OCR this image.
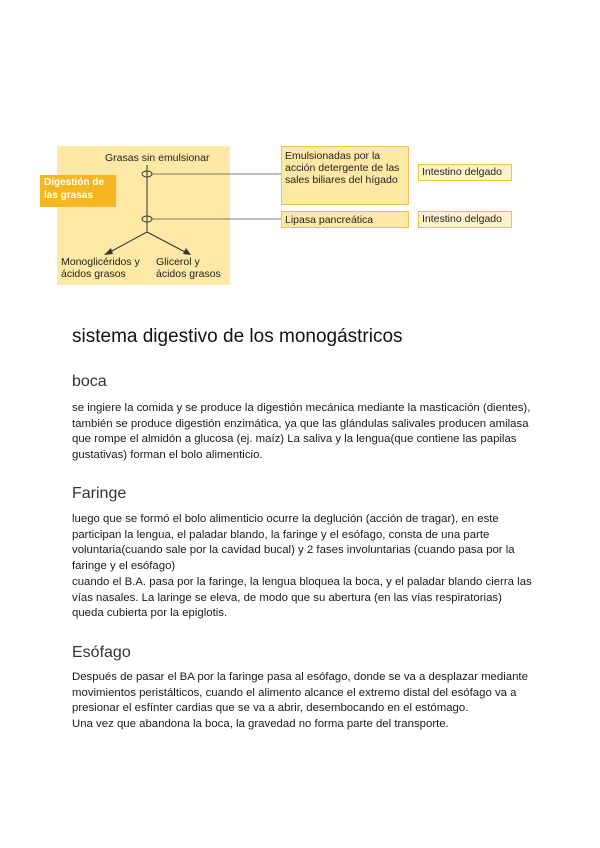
Digestión de las grasas
Grasas sin emulsionar
Monoglicéridos y ácidos grasos
Glicerol y ácidos grasos
Emulsionadas por la acción detergente de las sales biliares del hígado
Lipasa pancreática
Intestino delgado
Intestino delgado
sistema digestivo de los monogástricos
boca

se ingiere la comida y se produce la digestión mecánica mediante la masticación (dientes), también se produce digestión enzimática, ya que las glándulas salivales producen amilasa que rompe el almidón a glucosa (ej. maíz) La saliva y la lengua(que contiene las papilas gustativas) forman el bolo alimenticio.

Faringe

luego que se formó el bolo alimenticio ocurre la deglución (acción de tragar), en este participan la lengua, el paladar blando, la faringe y el esófago, consta de una parte voluntaria(cuando sale por la cavidad bucal) y 2 fases involuntarias (cuando pasa por la faringe y el esófago)

cuando el B.A. pasa por la faringe, la lengua bloquea la boca, y el paladar blando cierra las vías nasales. La laringe se eleva, de modo que su abertura (en las vías respiratorias) queda cubierta por la epiglotis.

Esófago

Después de pasar el BA por la faringe pasa al esófago, donde se va a desplazar mediante movimientos peristálticos, cuando el alimento alcance el extremo distal del esófago va a presionar el esfínter cardias que se va a abrir, desembocando en el estómago.

Una vez que abandona la boca, la gravedad no forma parte del transporte.
